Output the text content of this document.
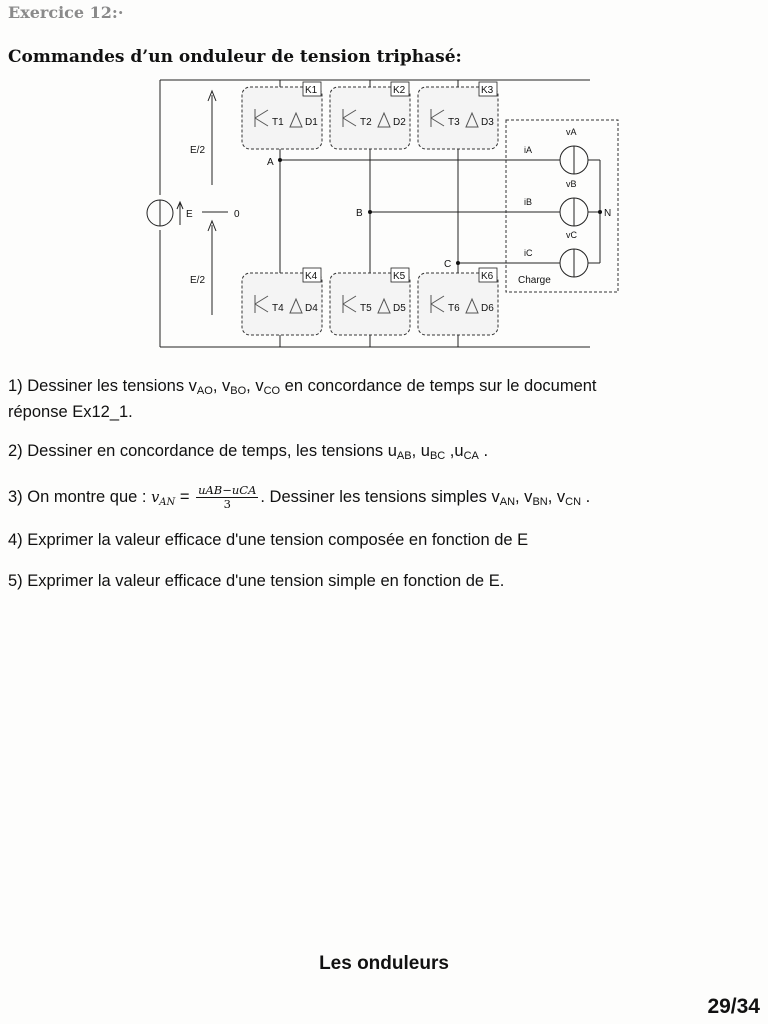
Exercice 12:·
Commandes d’un onduleur de tension triphasé:
K1	K2	K3
K4	K5	K6
T1	T2	T3
T4	T5	T6
D1	D2	D3
D4	D5	D6
E/2
E/2
E	0
A
B
C
N
iA
iB
iC
vA
vB
vC
Charge
1) Dessiner les tensions $v_{AO}$, $v_{BO}$, $v_{CO}$ en concordance de temps sur le document
réponse Ex12_1.
2) Dessiner en concordance de temps, les tensions $u_{AB}$, $u_{BC}$ $,u_{CA}$ .
3) On montre que : $v_{AN} = \frac{\text{uAB−uCA}}{3}$ . Dessiner les tensions simples $v_{AN}$, $v_{BN}$, $v_{CN}$ .
4) Exprimer la valeur efficace d'une tension composée en fonction de E
5) Exprimer la valeur efficace d'une tension simple en fonction de E.
Les onduleurs
29/34
